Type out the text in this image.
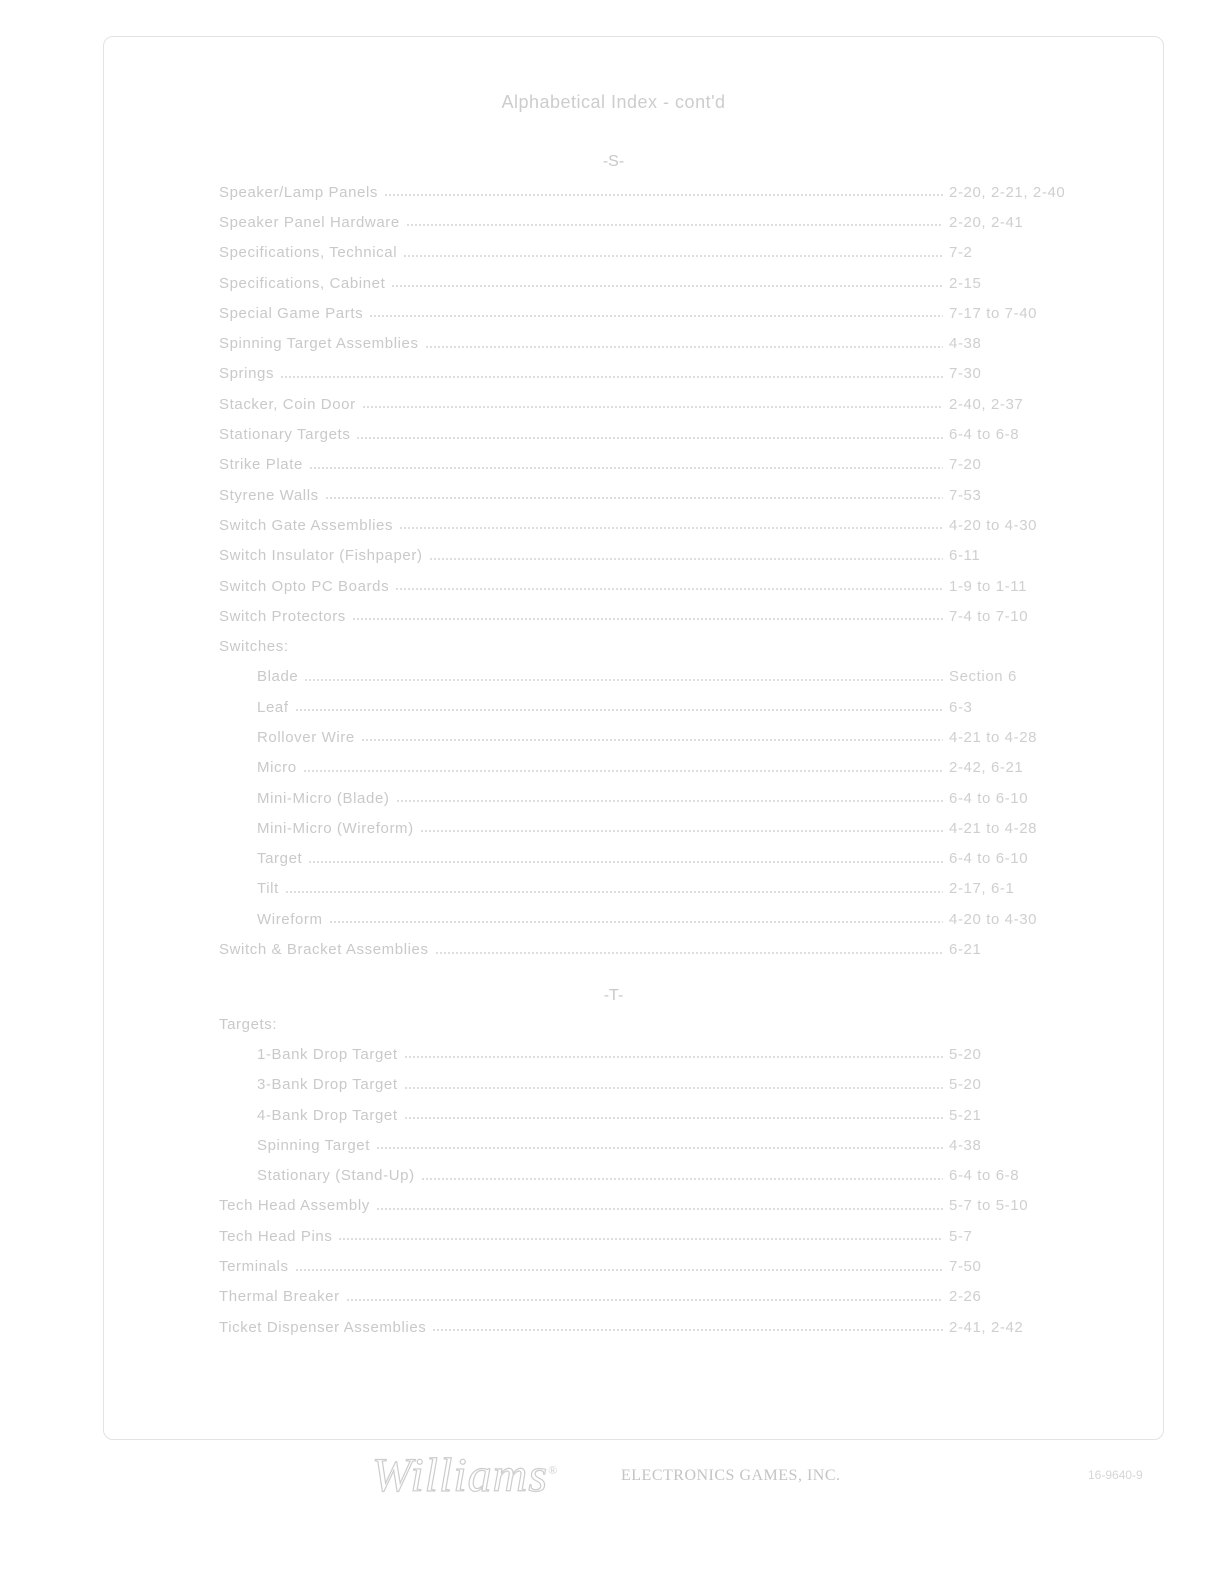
Alphabetical Index - cont'd
-S-
Speaker/Lamp Panels	2-20, 2-21, 2-40
Speaker Panel Hardware	2-20, 2-41
Specifications, Technical	7-2
Specifications, Cabinet	2-15
Special Game Parts	7-17 to 7-40
Spinning Target Assemblies	4-38
Springs	7-30
Stacker, Coin Door	2-40, 2-37
Stationary Targets	6-4 to 6-8
Strike Plate	7-20
Styrene Walls	7-53
Switch Gate Assemblies	4-20 to 4-30
Switch Insulator (Fishpaper)	6-11
Switch Opto PC Boards	1-9 to 1-11
Switch Protectors	7-4 to 7-10
Switches:
Blade	Section 6
Leaf	6-3
Rollover Wire	4-21 to 4-28
Micro	2-42, 6-21
Mini-Micro (Blade)	6-4 to 6-10
Mini-Micro (Wireform)	4-21 to 4-28
Target	6-4 to 6-10
Tilt	2-17, 6-1
Wireform	4-20 to 4-30
Switch & Bracket Assemblies	6-21
-T-
Targets:
1-Bank Drop Target	5-20
3-Bank Drop Target	5-20
4-Bank Drop Target	5-21
Spinning Target	4-38
Stationary (Stand-Up)	6-4 to 6-8
Tech Head Assembly	5-7 to 5-10
Tech Head Pins	5-7
Terminals	7-50
Thermal Breaker	2-26
Ticket Dispenser Assemblies	2-41, 2-42
Williams®	ELECTRONICS GAMES, INC.	16-9640-9
